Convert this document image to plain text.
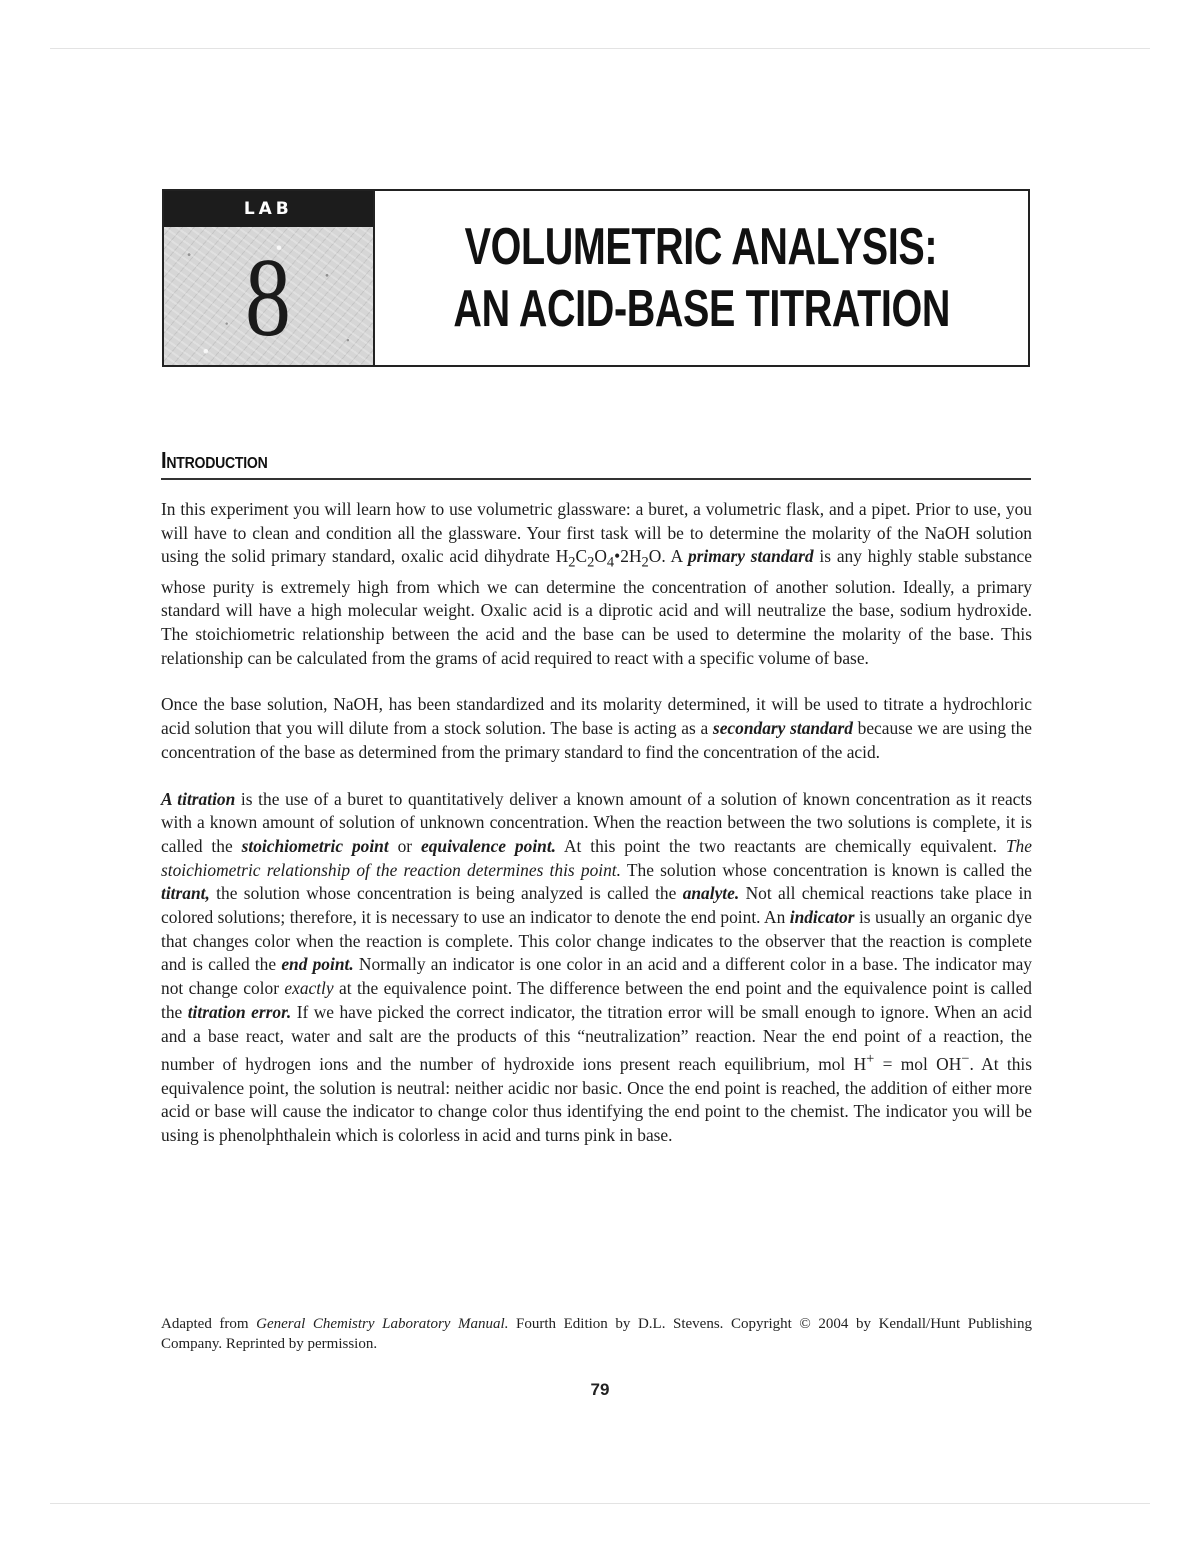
LAB
8	VOLUMETRIC ANALYSIS:
AN ACID-BASE TITRATION
Introduction

In this experiment you will learn how to use volumetric glassware: a buret, a volumetric flask, and a pipet. Prior to use, you will have to clean and condition all the glassware. Your first task will be to determine the molarity of the NaOH solution using the solid primary standard, oxalic acid dihydrate $H_2C_2O_4•2H_2O$. A primary standard is any highly stable substance whose purity is extremely high from which we can determine the concentration of another solution. Ideally, a primary standard will have a high molecular weight. Oxalic acid is a diprotic acid and will neutralize the base, sodium hydroxide. The stoichiometric relationship between the acid and the base can be used to determine the molarity of the base. This relationship can be calculated from the grams of acid required to react with a specific volume of base.

Once the base solution, NaOH, has been standardized and its molarity determined, it will be used to titrate a hydrochloric acid solution that you will dilute from a stock solution. The base is acting as a secondary standard because we are using the concentration of the base as determined from the primary standard to find the concentration of the acid.

A titration is the use of a buret to quantitatively deliver a known amount of a solution of known concentration as it reacts with a known amount of solution of unknown concentration. When the reaction between the two solutions is complete, it is called the stoichiometric point or equivalence point. At this point the two reactants are chemically equivalent. The stoichiometric relationship of the reaction determines this point. The solution whose concentration is known is called the titrant, the solution whose concentration is being analyzed is called the analyte. Not all chemical reactions take place in colored solutions; therefore, it is necessary to use an indicator to denote the end point. An indicator is usually an organic dye that changes color when the reaction is complete. This color change indicates to the observer that the reaction is complete and is called the end point. Normally an indicator is one color in an acid and a different color in a base. The indicator may not change color exactly at the equivalence point. The difference between the end point and the equivalence point is called the titration error. If we have picked the correct indicator, the titration error will be small enough to ignore. When an acid and a base react, water and salt are the products of this “neutralization” reaction. Near the end point of a reaction, the number of hydrogen ions and the number of hydroxide ions present reach equilibrium, mol H+ = mol OH−. At this equivalence point, the solution is neutral: neither acidic nor basic. Once the end point is reached, the addition of either more acid or base will cause the indicator to change color thus identifying the end point to the chemist. The indicator you will be using is phenolphthalein which is colorless in acid and turns pink in base.

Adapted from General Chemistry Laboratory Manual. Fourth Edition by D.L. Stevens. Copyright © 2004 by Kendall/Hunt Publishing Company. Reprinted by permission.
79
